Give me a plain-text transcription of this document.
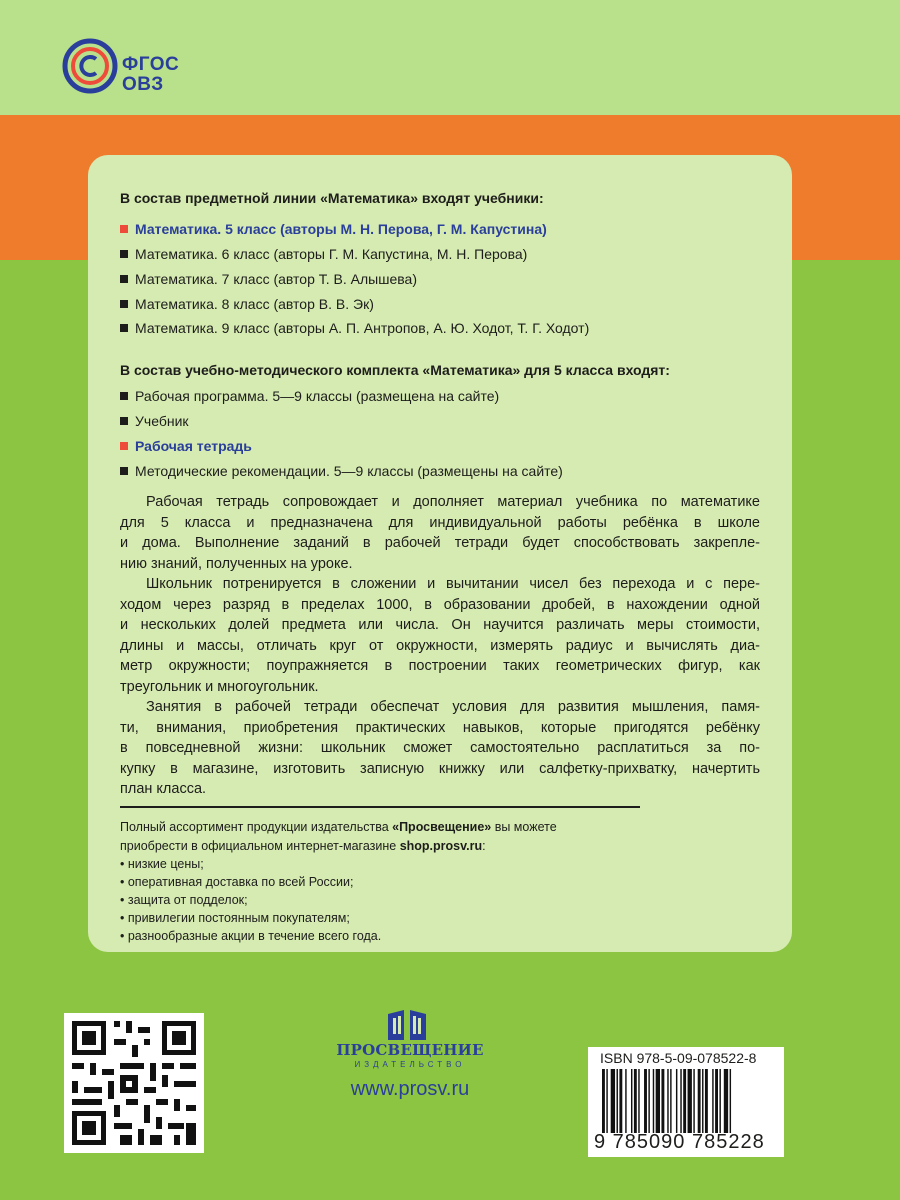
ФГОС
ОВЗ
В состав предметной линии «Математика» входят учебники:
Математика. 5 класс (авторы М. Н. Перова, Г. М. Капустина)
Математика. 6 класс (авторы Г. М. Капустина, М. Н. Перова)
Математика. 7 класс (автор Т. В. Алышева)
Математика. 8 класс (автор В. В. Эк)
Математика. 9 класс (авторы А. П. Антропов, А. Ю. Ходот, Т. Г. Ходот)
В состав учебно-методического комплекта «Математика» для 5 класса входят:
Рабочая программа. 5—9 классы (размещена на сайте)
Учебник
Рабочая тетрадь
Методические рекомендации. 5—9 классы (размещены на сайте)
Рабочая тетрадь сопровождает и дополняет материал учебника по математике
для 5 класса и предназначена для индивидуальной работы ребёнка в школе
и дома. Выполнение заданий в рабочей тетради будет способствовать закрепле-
нию знаний, полученных на уроке.
Школьник потренируется в сложении и вычитании чисел без перехода и с пере-
ходом через разряд в пределах 1000, в образовании дробей, в нахождении одной
и нескольких долей предмета или числа. Он научится различать меры стоимости,
длины и массы, отличать круг от окружности, измерять радиус и вычислять диа-
метр окружности; поупражняется в построении таких геометрических фигур, как
треугольник и многоугольник.
Занятия в рабочей тетради обеспечат условия для развития мышления, памя-
ти, внимания, приобретения практических навыков, которые пригодятся ребёнку
в повседневной жизни: школьник сможет самостоятельно расплатиться за по-
купку в магазине, изготовить записную книжку или салфетку-прихватку, начертить
план класса.
Полный ассортимент продукции издательства «Просвещение» вы можете
приобрести в официальном интернет-магазине shop.prosv.ru:
• низкие цены;
• оперативная доставка по всей России;
• защита от подделок;
• привилегии постоянным покупателям;
• разнообразные акции в течение всего года.
ПРОСВЕЩЕНИЕ
ИЗДАТЕЛЬСТВО
www.prosv.ru
ISBN 978-5-09-078522-8
9 785090 785228
